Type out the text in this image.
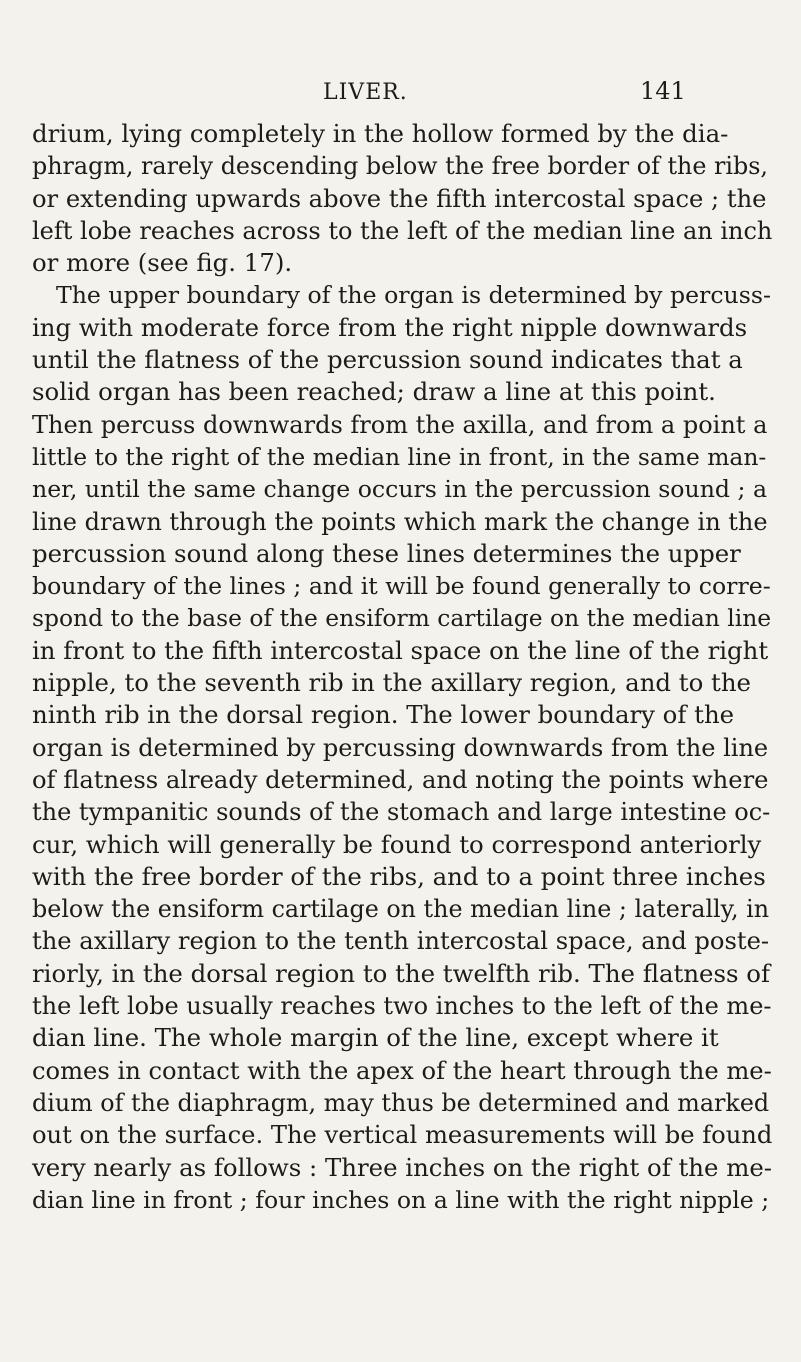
LIVER.	141
drium, lying completely in the hollow formed by the dia-
phragm, rarely descending below the free border of the ribs,
or extending upwards above the fifth intercostal space ; the
left lobe reaches across to the left of the median line an inch
or more (see fig. 17).
The upper boundary of the organ is determined by percuss-
ing with moderate force from the right nipple downwards
until the flatness of the percussion sound indicates that a
solid organ has been reached; draw a line at this point.
Then percuss downwards from the axilla, and from a point a
little to the right of the median line in front, in the same man-
ner, until the same change occurs in the percussion sound ; a
line drawn through the points which mark the change in the
percussion sound along these lines determines the upper
boundary of the lines ; and it will be found generally to corre-
spond to the base of the ensiform cartilage on the median line
in front to the fifth intercostal space on the line of the right
nipple, to the seventh rib in the axillary region, and to the
ninth rib in the dorsal region. The lower boundary of the
organ is determined by percussing downwards from the line
of flatness already determined, and noting the points where
the tympanitic sounds of the stomach and large intestine oc-
cur, which will generally be found to correspond anteriorly
with the free border of the ribs, and to a point three inches
below the ensiform cartilage on the median line ; laterally, in
the axillary region to the tenth intercostal space, and poste-
riorly, in the dorsal region to the twelfth rib. The flatness of
the left lobe usually reaches two inches to the left of the me-
dian line. The whole margin of the line, except where it
comes in contact with the apex of the heart through the me-
dium of the diaphragm, may thus be determined and marked
out on the surface. The vertical measurements will be found
very nearly as follows : Three inches on the right of the me-
dian line in front ; four inches on a line with the right nipple ;
